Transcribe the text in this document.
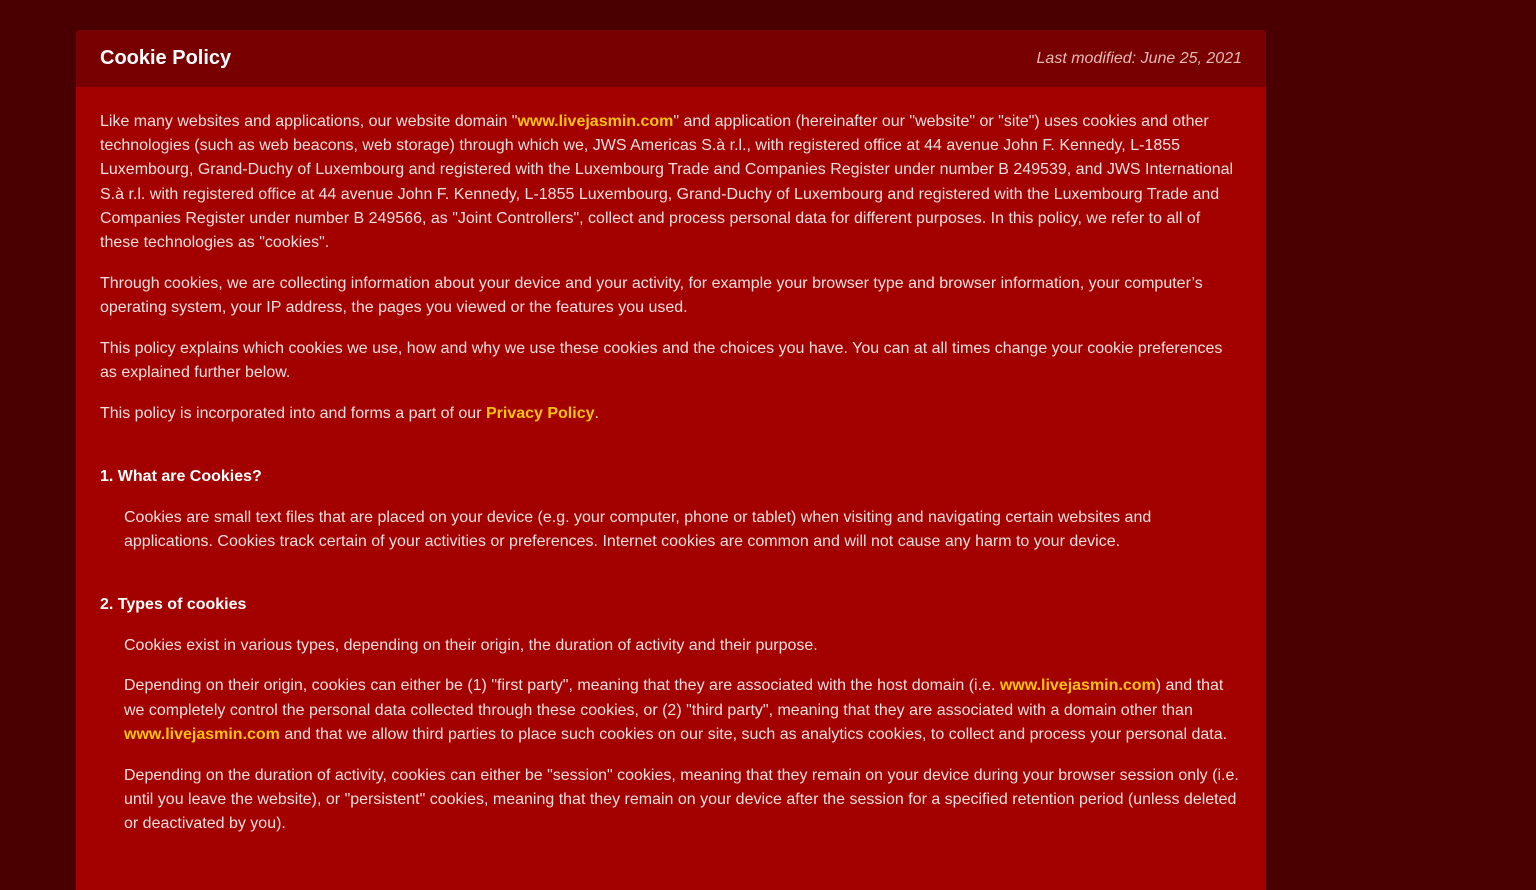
Cookie Policy	Last modified: June 25, 2021

Like many websites and applications, our website domain "www.livejasmin.com" and application (hereinafter our "website" or "site") uses cookies and other technologies (such as web beacons, web storage) through which we, JWS Americas S.à r.l., with registered office at 44 avenue John F. Kennedy, L-1855 Luxembourg, Grand-Duchy of Luxembourg and registered with the Luxembourg Trade and Companies Register under number B 249539, and JWS International S.à r.l. with registered office at 44 avenue John F. Kennedy, L-1855 Luxembourg, Grand-Duchy of Luxembourg and registered with the Luxembourg Trade and Companies Register under number B 249566, as "Joint Controllers", collect and process personal data for different purposes. In this policy, we refer to all of these technologies as "cookies".

Through cookies, we are collecting information about your device and your activity, for example your browser type and browser information, your computer’s operating system, your IP address, the pages you viewed or the features you used.

This policy explains which cookies we use, how and why we use these cookies and the choices you have. You can at all times change your cookie preferences as explained further below.

This policy is incorporated into and forms a part of our Privacy Policy.

1. What are Cookies?

Cookies are small text files that are placed on your device (e.g. your computer, phone or tablet) when visiting and navigating certain websites and applications. Cookies track certain of your activities or preferences. Internet cookies are common and will not cause any harm to your device.

2. Types of cookies

Cookies exist in various types, depending on their origin, the duration of activity and their purpose.

Depending on their origin, cookies can either be (1) "first party", meaning that they are associated with the host domain (i.e. www.livejasmin.com) and that we completely control the personal data collected through these cookies, or (2) "third party", meaning that they are associated with a domain other than www.livejasmin.com and that we allow third parties to place such cookies on our site, such as analytics cookies, to collect and process your personal data.

Depending on the duration of activity, cookies can either be "session" cookies, meaning that they remain on your device during your browser session only (i.e. until you leave the website), or "persistent" cookies, meaning that they remain on your device after the session for a specified retention period (unless deleted or deactivated by you).
